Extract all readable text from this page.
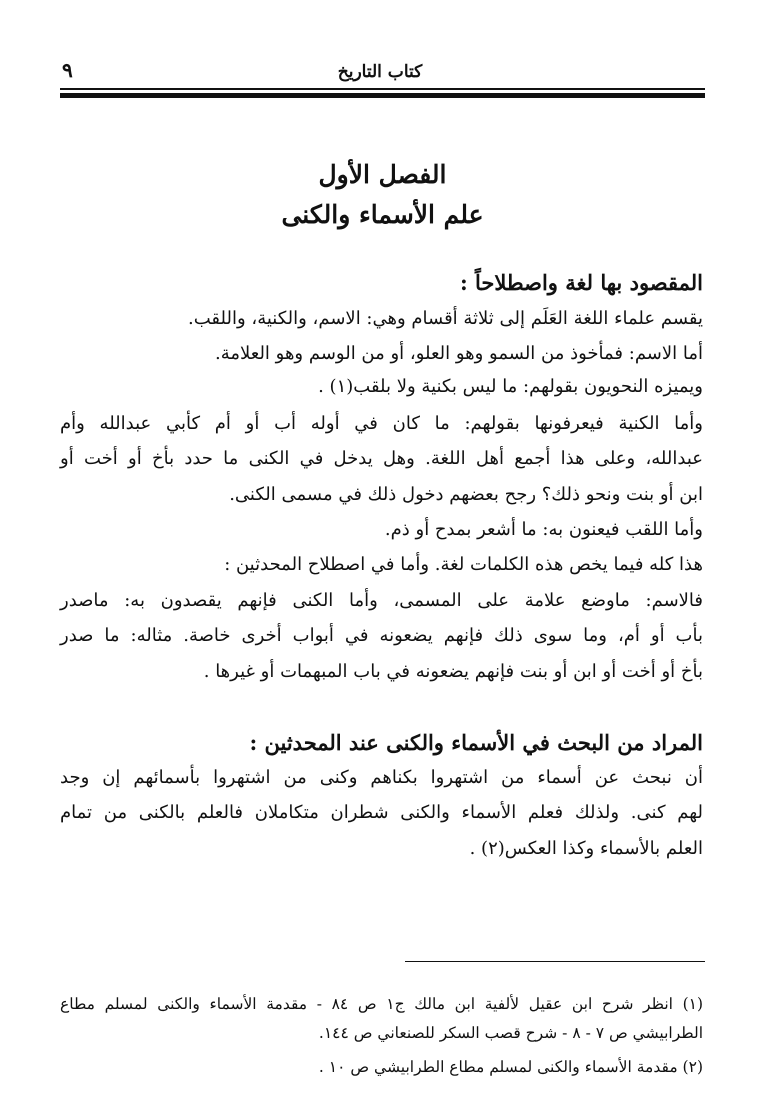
كتاب التاريخ
٩
الفصل الأول
علم الأسماء والكنى
المقصود بها لغة واصطلاحاً :
يقسم علماء اللغة العَلَم إلى ثلاثة أقسام وهي: الاسم، والكنية، واللقب.
أما الاسم: فمأخوذ من السمو وهو العلو، أو من الوسم وهو العلامة.
ويميزه النحويون بقولهم: ما ليس بكنية ولا بلقب(١) .
وأما الكنية فيعرفونها بقولهم: ما كان في أوله أب أو أم كأبي عبدالله وأم
عبدالله، وعلى هذا أجمع أهل اللغة. وهل يدخل في الكنى ما حدد بأخ أو أخت أو
ابن أو بنت ونحو ذلك؟ رجح بعضهم دخول ذلك في مسمى الكنى.
وأما اللقب فيعنون به: ما أشعر بمدح أو ذم.
هذا كله فيما يخص هذه الكلمات لغة. وأما في اصطلاح المحدثين :
فالاسم: ماوضع علامة على المسمى، وأما الكنى فإنهم يقصدون به: ماصدر
بأب أو أم، وما سوى ذلك فإنهم يضعونه في أبواب أخرى خاصة. مثاله: ما صدر
بأخ أو أخت أو ابن أو بنت فإنهم يضعونه في باب المبهمات أو غيرها .
المراد من البحث في الأسماء والكنى عند المحدثين :
أن نبحث عن أسماء من اشتهروا بكناهم وكنى من اشتهروا بأسمائهم إن وجد
لهم كنى. ولذلك فعلم الأسماء والكنى شطران متكاملان فالعلم بالكنى من تمام
العلم بالأسماء وكذا العكس(٢) .
(١) انظر شرح ابن عقيل لألفية ابن مالك ج١ ص ٨٤ - مقدمة الأسماء والكنى لمسلم مطاع
الطرابيشي ص ٧ - ٨ - شرح قصب السكر للصنعاني ص ١٤٤.
(٢) مقدمة الأسماء والكنى لمسلم مطاع الطرابيشي ص ١٠ .
